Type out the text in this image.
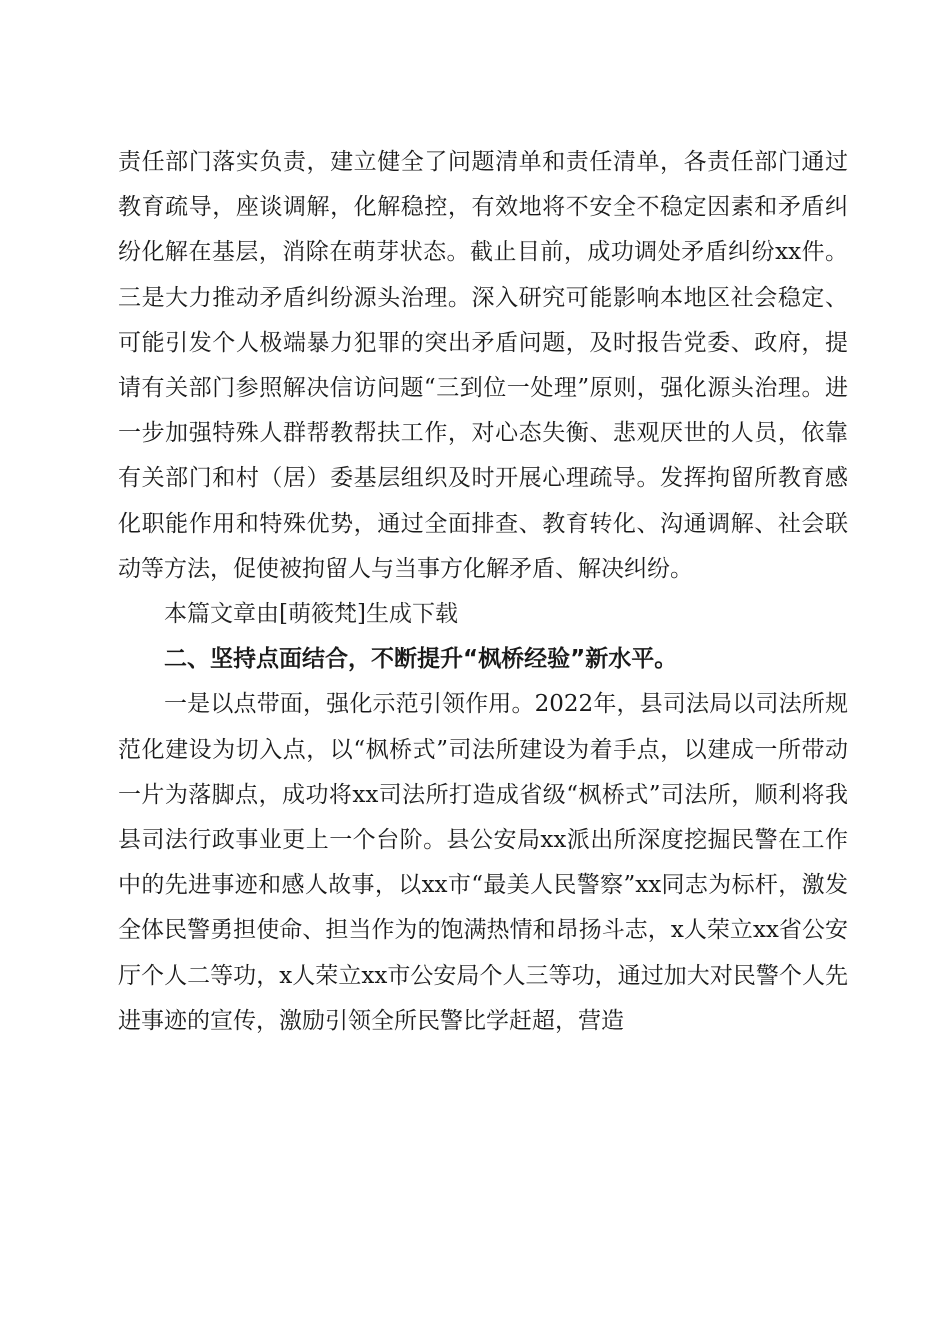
责任部门落实负责，建立健全了问题清单和责任清单，各责任部门通过教育疏导，座谈调解，化解稳控，有效地将不安全不稳定因素和矛盾纠纷化解在基层，消除在萌芽状态。截止目前，成功调处矛盾纠纷xx件。三是大力推动矛盾纠纷源头治理。深入研究可能影响本地区社会稳定、可能引发个人极端暴力犯罪的突出矛盾问题，及时报告党委、政府，提请有关部门参照解决信访问题“三到位一处理”原则，强化源头治理。进一步加强特殊人群帮教帮扶工作，对心态失衡、悲观厌世的人员，依靠有关部门和村（居）委基层组织及时开展心理疏导。发挥拘留所教育感化职能作用和特殊优势，通过全面排查、教育转化、沟通调解、社会联动等方法，促使被拘留人与当事方化解矛盾、解决纠纷。

本篇文章由[萌筱梵]生成下载

二、坚持点面结合，不断提升“枫桥经验”新水平。

一是以点带面，强化示范引领作用。2022年，县司法局以司法所规范化建设为切入点，以“枫桥式”司法所建设为着手点，以建成一所带动一片为落脚点，成功将xx司法所打造成省级“枫桥式”司法所，顺利将我县司法行政事业更上一个台阶。县公安局xx派出所深度挖掘民警在工作中的先进事迹和感人故事，以xx市“最美人民警察”xx同志为标杆，激发全体民警勇担使命、担当作为的饱满热情和昂扬斗志，x人荣立xx省公安厅个人二等功，x人荣立xx市公安局个人三等功，通过加大对民警个人先进事迹的宣传，激励引领全所民警比学赶超，营造
